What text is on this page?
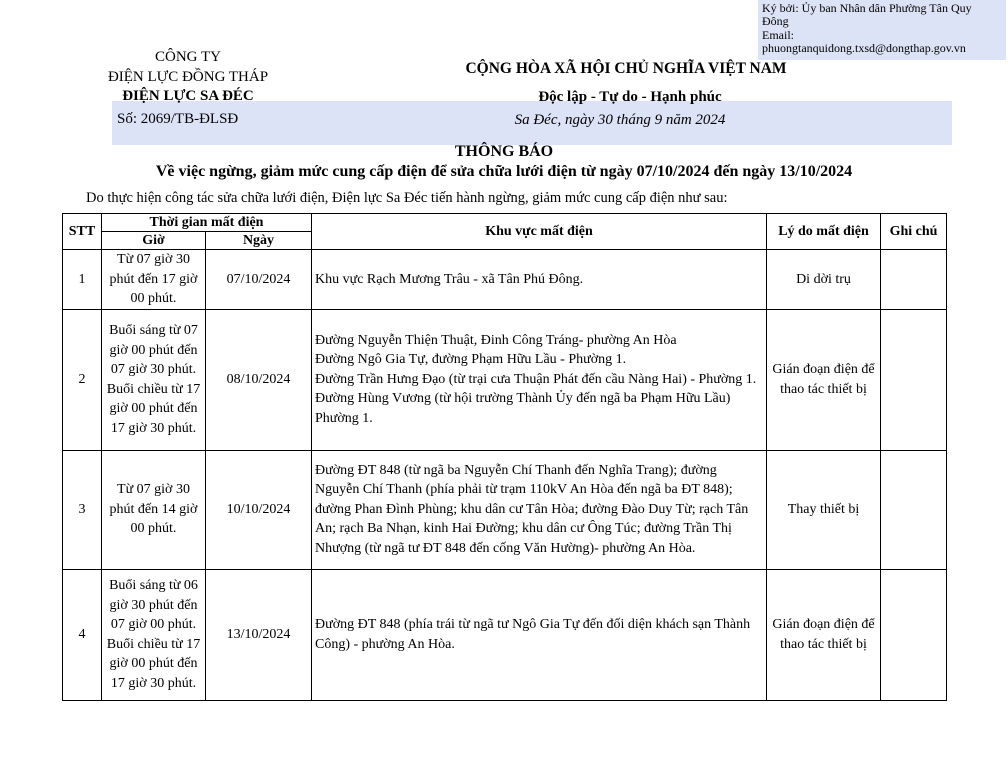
Ký bởi: Ủy ban Nhân dân Phường Tân Quy
Đông
Email:
phuongtanquidong.txsd@dongthap.gov.vn
CÔNG TY
ĐIỆN LỰC ĐỒNG THÁP
ĐIỆN LỰC SA ĐÉC
Số: 2069/TB-ĐLSĐ
CỘNG HÒA XÃ HỘI CHỦ NGHĨA VIỆT NAM
Độc lập - Tự do - Hạnh phúc
Sa Đéc, ngày 30 tháng 9 năm 2024
THÔNG BÁO
Về việc ngừng, giảm mức cung cấp điện để sửa chữa lưới điện từ ngày 07/10/2024 đến ngày 13/10/2024
Do thực hiện công tác sửa chữa lưới điện, Điện lực Sa Đéc tiến hành ngừng, giảm mức cung cấp điện như sau:
STT	Thời gian mất điện		Khu vực mất điện	Lý do mất điện	Ghi chú
	Giờ	Ngày			
1	Từ 07 giờ 30 phút đến 17 giờ 00 phút.	07/10/2024	Khu vực Rạch Mương Trâu - xã Tân Phú Đông.	Di dời trụ	
2	Buổi sáng từ 07 giờ 00 phút đến 07 giờ 30 phút. Buổi chiều từ 17 giờ 00 phút đến 17 giờ 30 phút.	08/10/2024	Đường Nguyễn Thiện Thuật, Đinh Công Tráng- phường An Hòa
Đường Ngô Gia Tự, đường Phạm Hữu Lầu - Phường 1.
Đường Trần Hưng Đạo (từ trại cưa Thuận Phát đến cầu Nàng Hai) - Phường 1.
Đường Hùng Vương (từ hội trường Thành Ủy đến ngã ba Phạm Hữu Lầu) Phường 1.	Gián đoạn điện để thao tác thiết bị	
3	Từ 07 giờ 30 phút đến 14 giờ 00 phút.	10/10/2024	Đường ĐT 848 (từ ngã ba Nguyễn Chí Thanh đến Nghĩa Trang); đường Nguyễn Chí Thanh (phía phải từ trạm 110kV An Hòa đến ngã ba ĐT 848); đường Phan Đình Phùng; khu dân cư Tân Hòa; đường Đào Duy Từ; rạch Tân An; rạch Ba Nhạn, kinh Hai Đường; khu dân cư Ông Túc; đường Trần Thị Nhượng (từ ngã tư ĐT 848 đến cống Văn Hường)- phường An Hòa.	Thay thiết bị	
4	Buổi sáng từ 06 giờ 30 phút đến 07 giờ 00 phút. Buổi chiều từ 17 giờ 00 phút đến 17 giờ 30 phút.	13/10/2024	Đường ĐT 848 (phía trái từ ngã tư Ngô Gia Tự đến đối diện khách sạn Thành Công) - phường An Hòa.	Gián đoạn điện để thao tác thiết bị	
